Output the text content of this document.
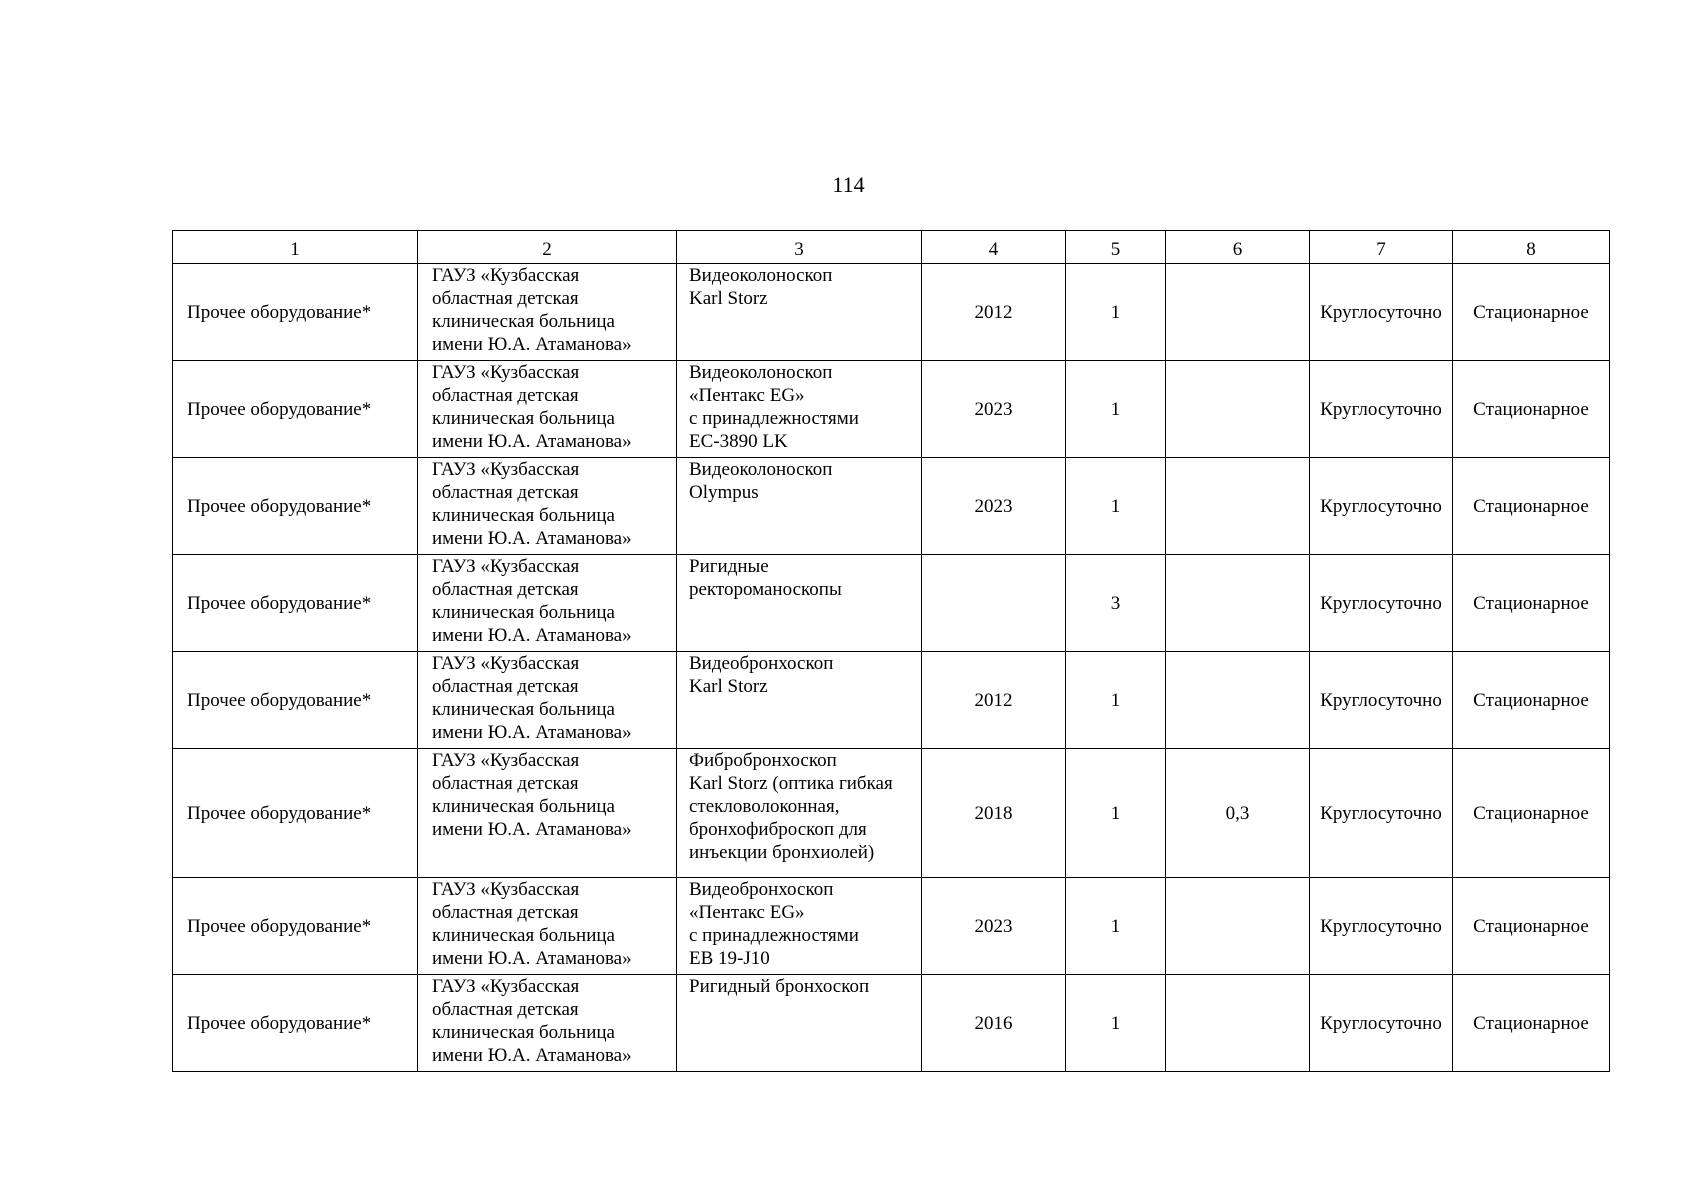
114
1	2	3	4	5	6	7	8
Прочее оборудование*	ГАУЗ «Кузбасская
областная детская
клиническая больница
имени Ю.А. Атаманова»	Видеоколоноскоп
Karl Storz	2012	1		Круглосуточно	Стационарное
Прочее оборудование*	ГАУЗ «Кузбасская
областная детская
клиническая больница
имени Ю.А. Атаманова»	Видеоколоноскоп
«Пентакс EG»
с принадлежностями
EC-3890 LK	2023	1		Круглосуточно	Стационарное
Прочее оборудование*	ГАУЗ «Кузбасская
областная детская
клиническая больница
имени Ю.А. Атаманова»	Видеоколоноскоп
Olympus	2023	1		Круглосуточно	Стационарное
Прочее оборудование*	ГАУЗ «Кузбасская
областная детская
клиническая больница
имени Ю.А. Атаманова»	Ригидные
ректороманоскопы		3		Круглосуточно	Стационарное
Прочее оборудование*	ГАУЗ «Кузбасская
областная детская
клиническая больница
имени Ю.А. Атаманова»	Видеобронхоскоп
Karl Storz	2012	1		Круглосуточно	Стационарное
Прочее оборудование*	ГАУЗ «Кузбасская
областная детская
клиническая больница
имени Ю.А. Атаманова»	Фибробронхоскоп
Karl Storz (оптика гибкая
стекловолоконная,
бронхофиброскоп для
инъекции бронхиолей)	2018	1	0,3	Круглосуточно	Стационарное
Прочее оборудование*	ГАУЗ «Кузбасская
областная детская
клиническая больница
имени Ю.А. Атаманова»	Видеобронхоскоп
«Пентакс EG»
с принадлежностями
EB 19-J10	2023	1		Круглосуточно	Стационарное
Прочее оборудование*	ГАУЗ «Кузбасская
областная детская
клиническая больница
имени Ю.А. Атаманова»	Ригидный бронхоскоп	2016	1		Круглосуточно	Стационарное
